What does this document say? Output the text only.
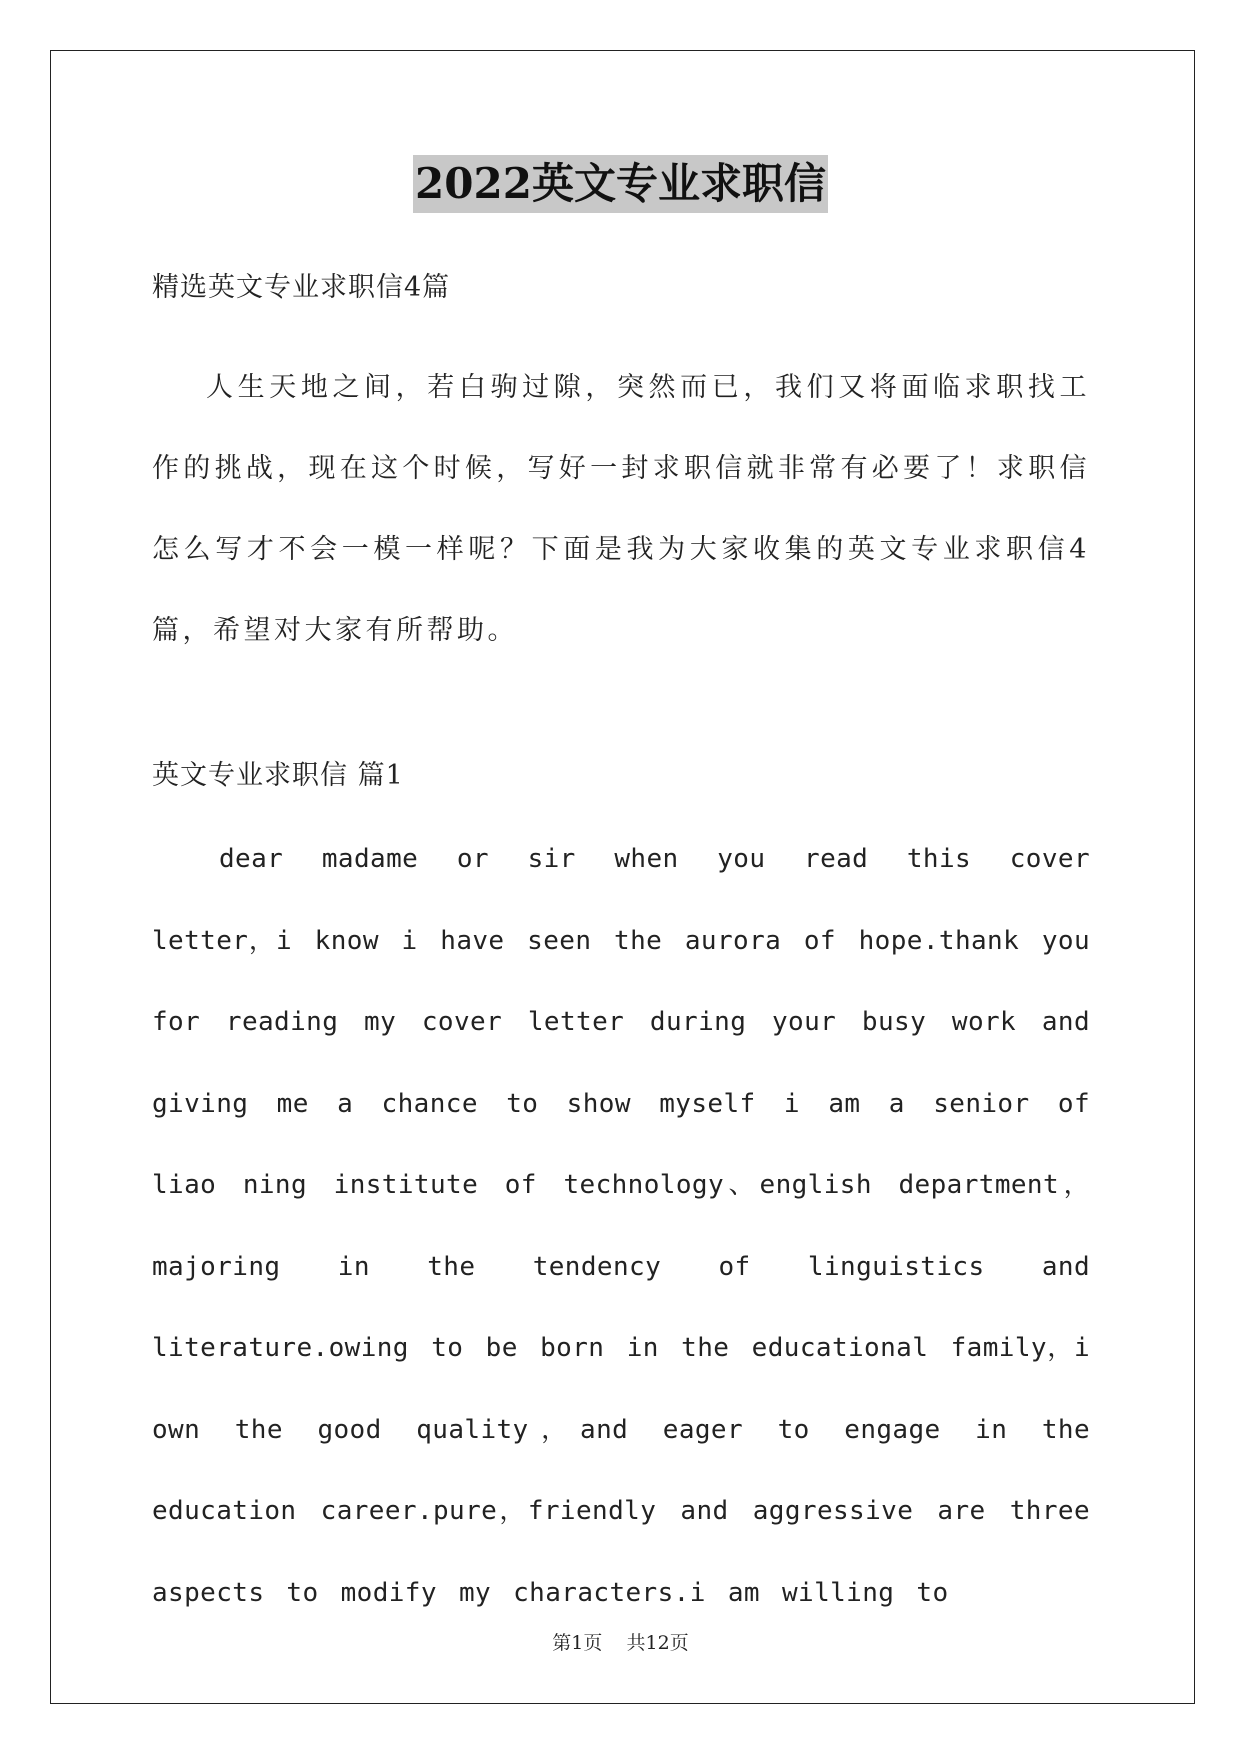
2022英文专业求职信
精选英文专业求职信4篇
人生天地之间，若白驹过隙，突然而已，我们又将面临求职找工作的挑战，现在这个时候，写好一封求职信就非常有必要了！求职信怎么写才不会一模一样呢？下面是我为大家收集的英文专业求职信4篇，希望对大家有所帮助。
英文专业求职信 篇1
dear madame or sir when you read this cover letter，i know i have seen the aurora of hope.thank you for reading my cover letter during your busy work and giving me a chance to show myself i am a senior of liao ning institute of technology、english department，majoring in the tendency of linguistics and literature.owing to be born in the educational family，i own the good quality，and eager to engage in the education career.pure，friendly and aggressive are three aspects to modify my characters.i am willing to
第1页 共12页
